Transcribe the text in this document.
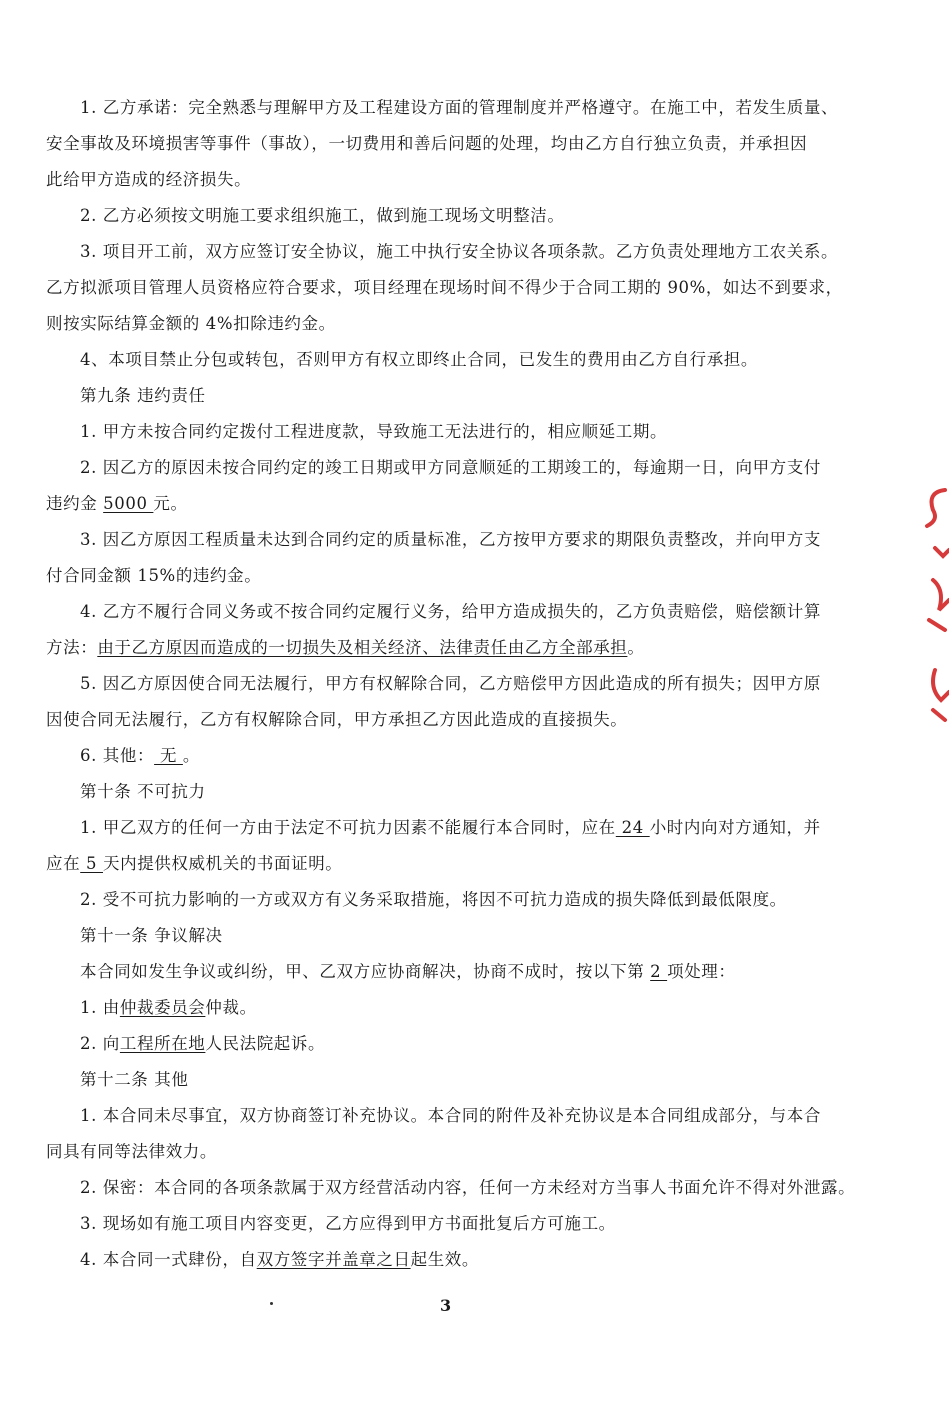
1. 乙方承诺：完全熟悉与理解甲方及工程建设方面的管理制度并严格遵守。在施工中，若发生质量、
安全事故及环境损害等事件（事故），一切费用和善后问题的处理，均由乙方自行独立负责，并承担因
此给甲方造成的经济损失。
2. 乙方必须按文明施工要求组织施工，做到施工现场文明整洁。
3. 项目开工前，双方应签订安全协议，施工中执行安全协议各项条款。乙方负责处理地方工农关系。
乙方拟派项目管理人员资格应符合要求，项目经理在现场时间不得少于合同工期的 90%，如达不到要求，
则按实际结算金额的 4%扣除违约金。
4、本项目禁止分包或转包，否则甲方有权立即终止合同，已发生的费用由乙方自行承担。
第九条 违约责任
1. 甲方未按合同约定拨付工程进度款，导致施工无法进行的，相应顺延工期。
2. 因乙方的原因未按合同约定的竣工日期或甲方同意顺延的工期竣工的，每逾期一日，向甲方支付
违约金 5000 元。
3. 因乙方原因工程质量未达到合同约定的质量标准，乙方按甲方要求的期限负责整改，并向甲方支
付合同金额 15%的违约金。
4. 乙方不履行合同义务或不按合同约定履行义务，给甲方造成损失的，乙方负责赔偿，赔偿额计算
方法：由于乙方原因而造成的一切损失及相关经济、法律责任由乙方全部承担。
5. 因乙方原因使合同无法履行，甲方有权解除合同，乙方赔偿甲方因此造成的所有损失；因甲方原
因使合同无法履行，乙方有权解除合同，甲方承担乙方因此造成的直接损失。
6. 其他： 无 。
第十条 不可抗力
1. 甲乙双方的任何一方由于法定不可抗力因素不能履行本合同时，应在 24 小时内向对方通知，并
应在 5 天内提供权威机关的书面证明。
2. 受不可抗力影响的一方或双方有义务采取措施，将因不可抗力造成的损失降低到最低限度。
第十一条 争议解决
本合同如发生争议或纠纷，甲、乙双方应协商解决，协商不成时，按以下第 2 项处理：
1. 由仲裁委员会仲裁。
2. 向工程所在地人民法院起诉。
第十二条 其他
1. 本合同未尽事宜，双方协商签订补充协议。本合同的附件及补充协议是本合同组成部分，与本合
同具有同等法律效力。
2. 保密：本合同的各项条款属于双方经营活动内容，任何一方未经对方当事人书面允许不得对外泄露。
3. 现场如有施工项目内容变更，乙方应得到甲方书面批复后方可施工。
4. 本合同一式肆份，自双方签字并盖章之日起生效。
3
